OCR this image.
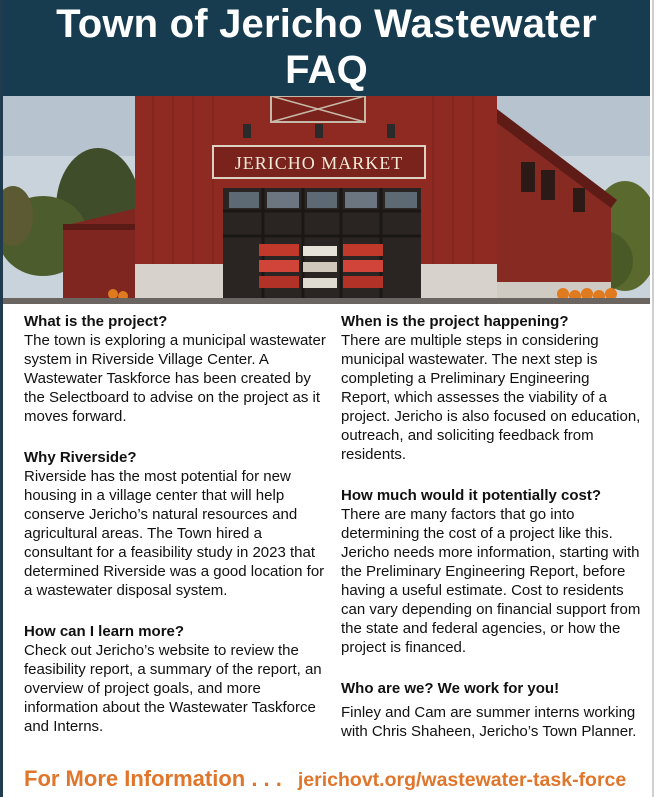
Town of Jericho Wastewater
FAQ
JERICHO MARKET

What is the project?

The town is exploring a municipal wastewater system in Riverside Village Center. A Wastewater Taskforce has been created by the Selectboard to advise on the project as it moves forward.

Why Riverside?

Riverside has the most potential for new housing in a village center that will help conserve Jericho’s natural resources and agricultural areas. The Town hired a consultant for a feasibility study in 2023 that determined Riverside was a good location for a wastewater disposal system.

How can I learn more?

Check out Jericho’s website to review the feasibility report, a summary of the report, an overview of project goals, and more information about the Wastewater Taskforce and Interns.

When is the project happening?

There are multiple steps in considering municipal wastewater. The next step is completing a Preliminary Engineering Report, which assesses the viability of a project. Jericho is also focused on education, outreach, and soliciting feedback from residents.

How much would it potentially cost?

There are many factors that go into determining the cost of a project like this. Jericho needs more information, starting with the Preliminary Engineering Report, before having a useful estimate. Cost to residents can vary depending on financial support from the state and federal agencies, or how the project is financed.

Who are we? We work for you!

Finley and Cam are summer interns working with Chris Shaheen, Jericho’s Town Planner.

For More Information . . . jerichovt.org/wastewater-task-force
